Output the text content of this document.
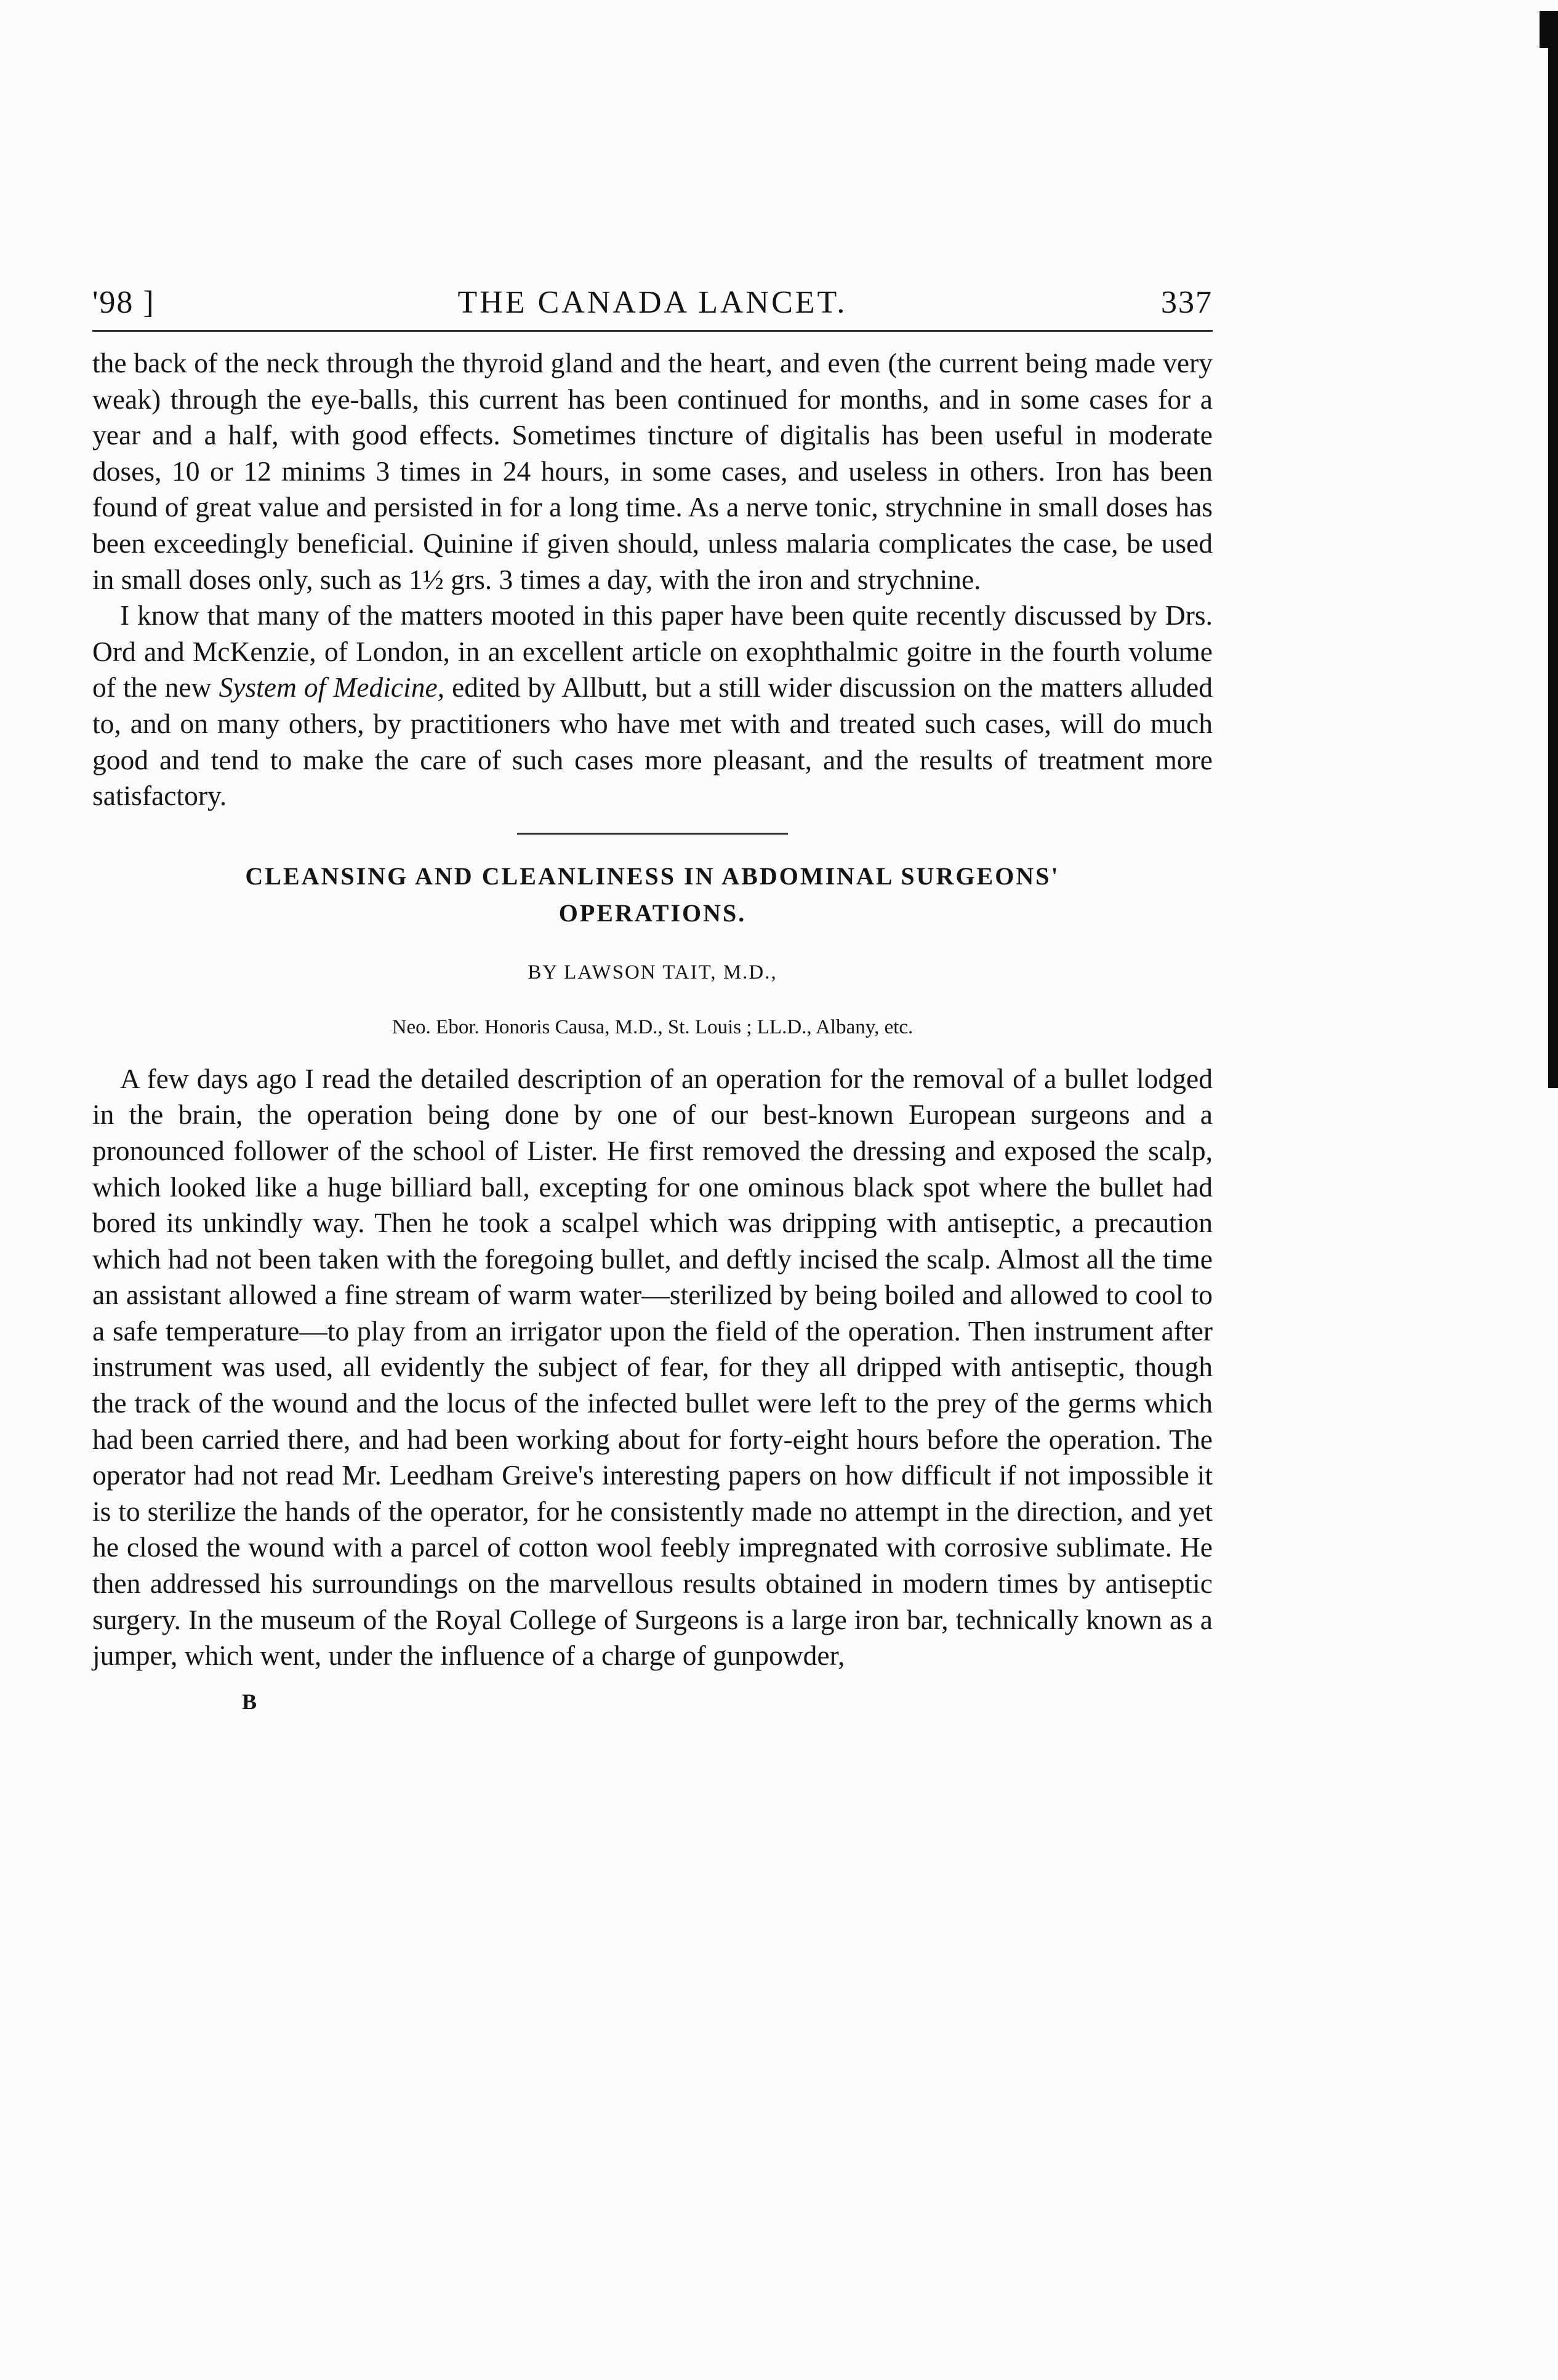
'98 ]	THE CANADA LANCET.	337

the back of the neck through the thyroid gland and the heart, and even (the current being made very weak) through the eye-balls, this current has been continued for months, and in some cases for a year and a half, with good effects. Sometimes tincture of digitalis has been useful in moderate doses, 10 or 12 minims 3 times in 24 hours, in some cases, and useless in others. Iron has been found of great value and persisted in for a long time. As a nerve tonic, strychnine in small doses has been exceedingly beneficial. Quinine if given should, unless malaria complicates the case, be used in small doses only, such as 1½ grs. 3 times a day, with the iron and strychnine.

I know that many of the matters mooted in this paper have been quite recently discussed by Drs. Ord and McKenzie, of London, in an excellent article on exophthalmic goitre in the fourth volume of the new System of Medicine, edited by Allbutt, but a still wider discussion on the matters alluded to, and on many others, by practitioners who have met with and treated such cases, will do much good and tend to make the care of such cases more pleasant, and the results of treatment more satisfactory.

CLEANSING AND CLEANLINESS IN ABDOMINAL SURGEONS'
OPERATIONS.

BY LAWSON TAIT, M.D.,

Neo. Ebor. Honoris Causa, M.D., St. Louis ; LL.D., Albany, etc.

A few days ago I read the detailed description of an operation for the removal of a bullet lodged in the brain, the operation being done by one of our best-known European surgeons and a pronounced follower of the school of Lister. He first removed the dressing and exposed the scalp, which looked like a huge billiard ball, excepting for one ominous black spot where the bullet had bored its unkindly way. Then he took a scalpel which was dripping with antiseptic, a precaution which had not been taken with the foregoing bullet, and deftly incised the scalp. Almost all the time an assistant allowed a fine stream of warm water—sterilized by being boiled and allowed to cool to a safe temperature—to play from an irrigator upon the field of the operation. Then instrument after instrument was used, all evidently the subject of fear, for they all dripped with antiseptic, though the track of the wound and the locus of the infected bullet were left to the prey of the germs which had been carried there, and had been working about for forty-eight hours before the operation. The operator had not read Mr. Leedham Greive's interesting papers on how difficult if not impossible it is to sterilize the hands of the operator, for he consistently made no attempt in the direction, and yet he closed the wound with a parcel of cotton wool feebly impregnated with corrosive sublimate. He then addressed his surroundings on the marvellous results obtained in modern times by antiseptic surgery. In the museum of the Royal College of Surgeons is a large iron bar, technically known as a jumper, which went, under the influence of a charge of gunpowder,

B
